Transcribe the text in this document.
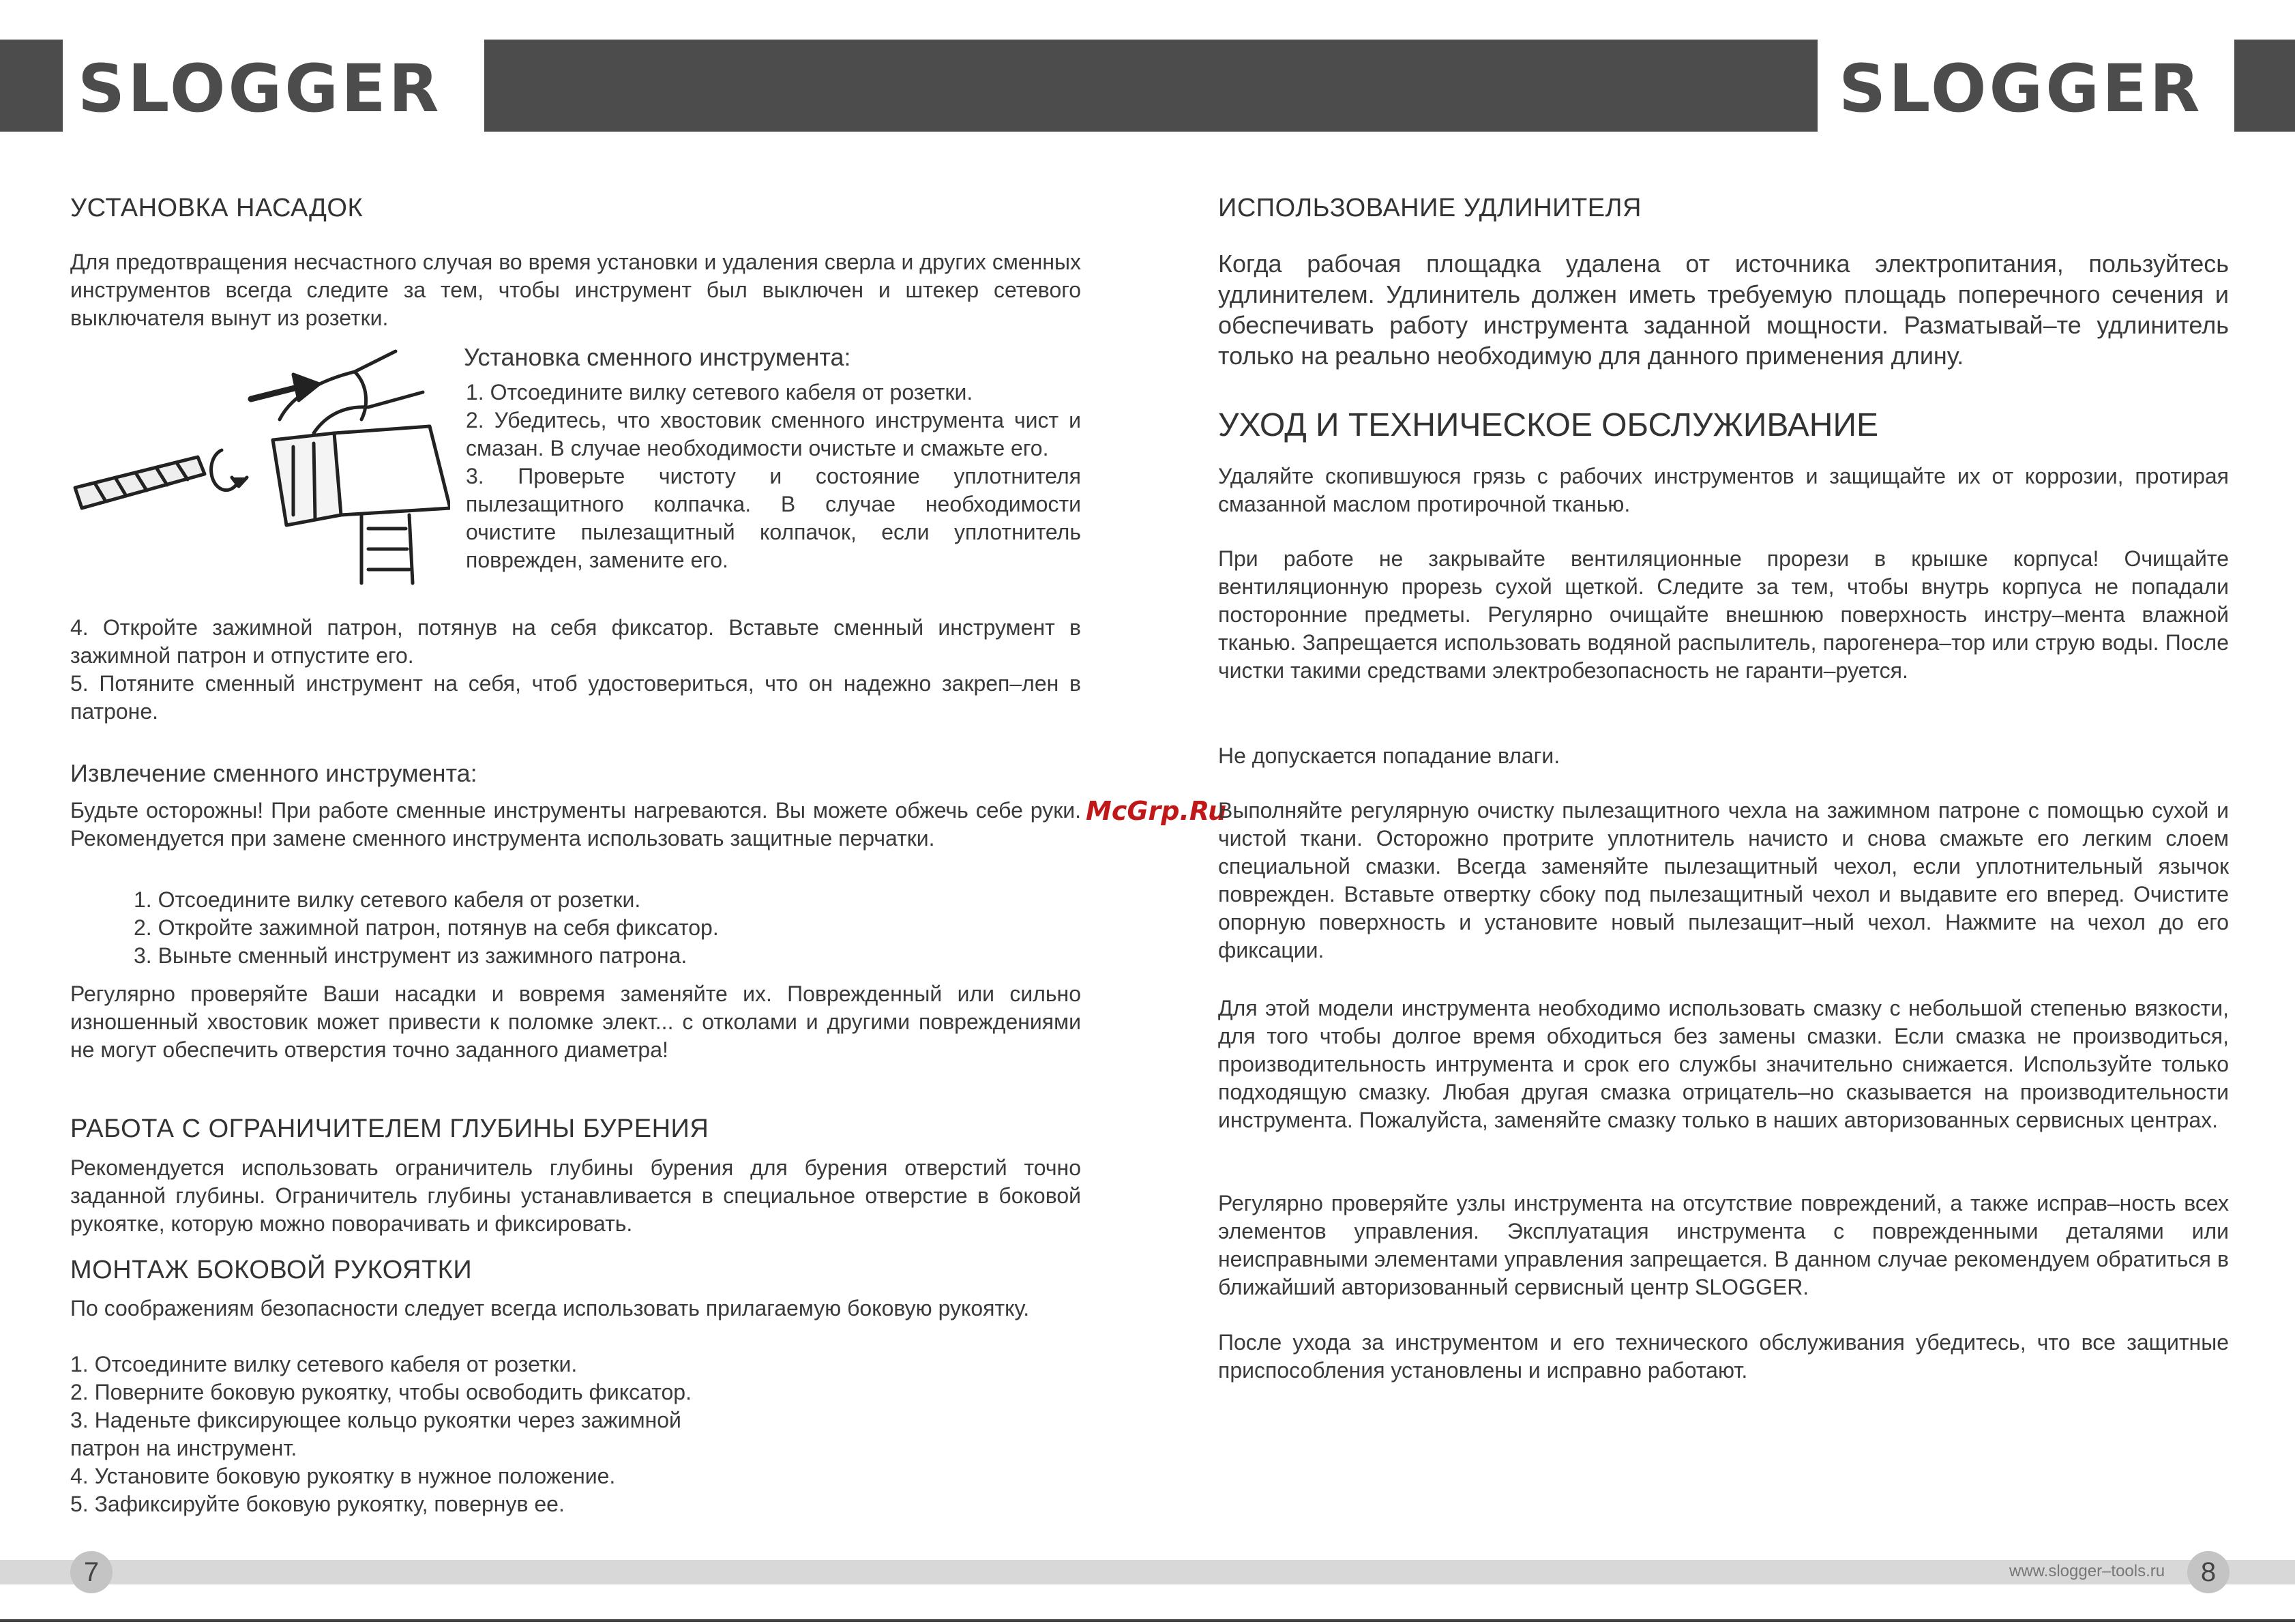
SLOGGER	SLOGGER
УСТАНОВКА НАСАДОК
Для предотвращения несчастного случая во время установки и удаления сверла и других сменных инструментов всегда следите за тем, чтобы инструмент был выключен и штекер сетевого выключателя вынут из розетки.
Установка сменного инструмента:
1. Отсоедините вилку сетевого кабеля от розетки.
2. Убедитесь, что хвостовик сменного инструмента чист и смазан. В случае необходимости очистьте и смажьте его.
3. Проверьте чистоту и состояние уплотнителя пылезащитного колпачка. В случае необходимости очистите пылезащитный колпачок, если уплотнитель поврежден, замените его.
4. Откройте зажимной патрон, потянув на себя фиксатор. Вставьте сменный инструмент в зажимной патрон и отпустите его.
5. Потяните сменный инструмент на себя, чтоб удостовериться, что он надежно закреп–лен в патроне.
Извлечение сменного инструмента:
Будьте осторожны! При работе сменные инструменты нагреваются. Вы можете обжечь себе руки. Рекомендуется при замене сменного инструмента использовать защитные перчатки.
1. Отсоедините вилку сетевого кабеля от розетки.
2. Откройте зажимной патрон, потянув на себя фиксатор.
3. Выньте сменный инструмент из зажимного патрона.
Регулярно проверяйте Ваши насадки и вовремя заменяйте их. Поврежденный или сильно изношенный хвостовик может привести к поломке элект... с отколами и другими повреждениями не могут обеспечить отверстия точно заданного диаметра!
РАБОТА С ОГРАНИЧИТЕЛЕМ ГЛУБИНЫ БУРЕНИЯ
Рекомендуется использовать ограничитель глубины бурения для бурения отверстий точно заданной глубины. Ограничитель глубины устанавливается в специальное отверстие в боковой рукоятке, которую можно поворачивать и фиксировать.
МОНТАЖ БОКОВОЙ РУКОЯТКИ
По соображениям безопасности следует всегда использовать прилагаемую боковую рукоятку.
1. Отсоедините вилку сетевого кабеля от розетки.
2. Поверните боковую рукоятку, чтобы освободить фиксатор.
3. Наденьте фиксирующее кольцо рукоятки через зажимной
патрон на инструмент.
4. Установите боковую рукоятку в нужное положение.
5. Зафиксируйте боковую рукоятку, повернув ее.
McGrp.Ru
ИСПОЛЬЗОВАНИЕ УДЛИНИТЕЛЯ
Когда рабочая площадка удалена от источника электропитания, пользуйтесь удлинителем. Удлинитель должен иметь требуемую площадь поперечного сечения и обеспечивать работу инструмента заданной мощности. Разматывай–те удлинитель только на реально необходимую для данного применения длину.
УХОД И ТЕХНИЧЕСКОЕ ОБСЛУЖИВАНИЕ
Удаляйте скопившуюся грязь с рабочих инструментов и защищайте их от коррозии, протирая смазанной маслом протирочной тканью.
При работе не закрывайте вентиляционные прорези в крышке корпуса! Очищайте вентиляционную прорезь сухой щеткой. Следите за тем, чтобы внутрь корпуса не попадали посторонние предметы. Регулярно очищайте внешнюю поверхность инстру–мента влажной тканью. Запрещается использовать водяной распылитель, парогенера–тор или струю воды. После чистки такими средствами электробезопасность не гаранти–руется.
Не допускается попадание влаги.
Выполняйте регулярную очистку пылезащитного чехла на зажимном патроне с помощью сухой и чистой ткани. Осторожно протрите уплотнитель начисто и снова смажьте его легким слоем специальной смазки. Всегда заменяйте пылезащитный чехол, если уплотнительный язычок поврежден. Вставьте отвертку сбоку под пылезащитный чехол и выдавите его вперед. Очистите опорную поверхность и установите новый пылезащит–ный чехол. Нажмите на чехол до его фиксации.
Для этой модели инструмента необходимо использовать смазку с небольшой степенью вязкости, для того чтобы долгое время обходиться без замены смазки. Если смазка не производиться, производительность интрумента и срок его службы значительно снижается. Используйте только подходящую смазку. Любая другая смазка отрицатель–но сказывается на производительности инструмента. Пожалуйста, заменяйте смазку только в наших авторизованных сервисных центрах.
Регулярно проверяйте узлы инструмента на отсутствие повреждений, а также исправ–ность всех элементов управления. Эксплуатация инструмента с поврежденными деталями или неисправными элементами управления запрещается. В данном случае рекомендуем обратиться в ближайший авторизованный сервисный центр SLOGGER.
После ухода за инструментом и его технического обслуживания убедитесь, что все защитные приспособления установлены и исправно работают.
7	www.slogger–tools.ru	8
